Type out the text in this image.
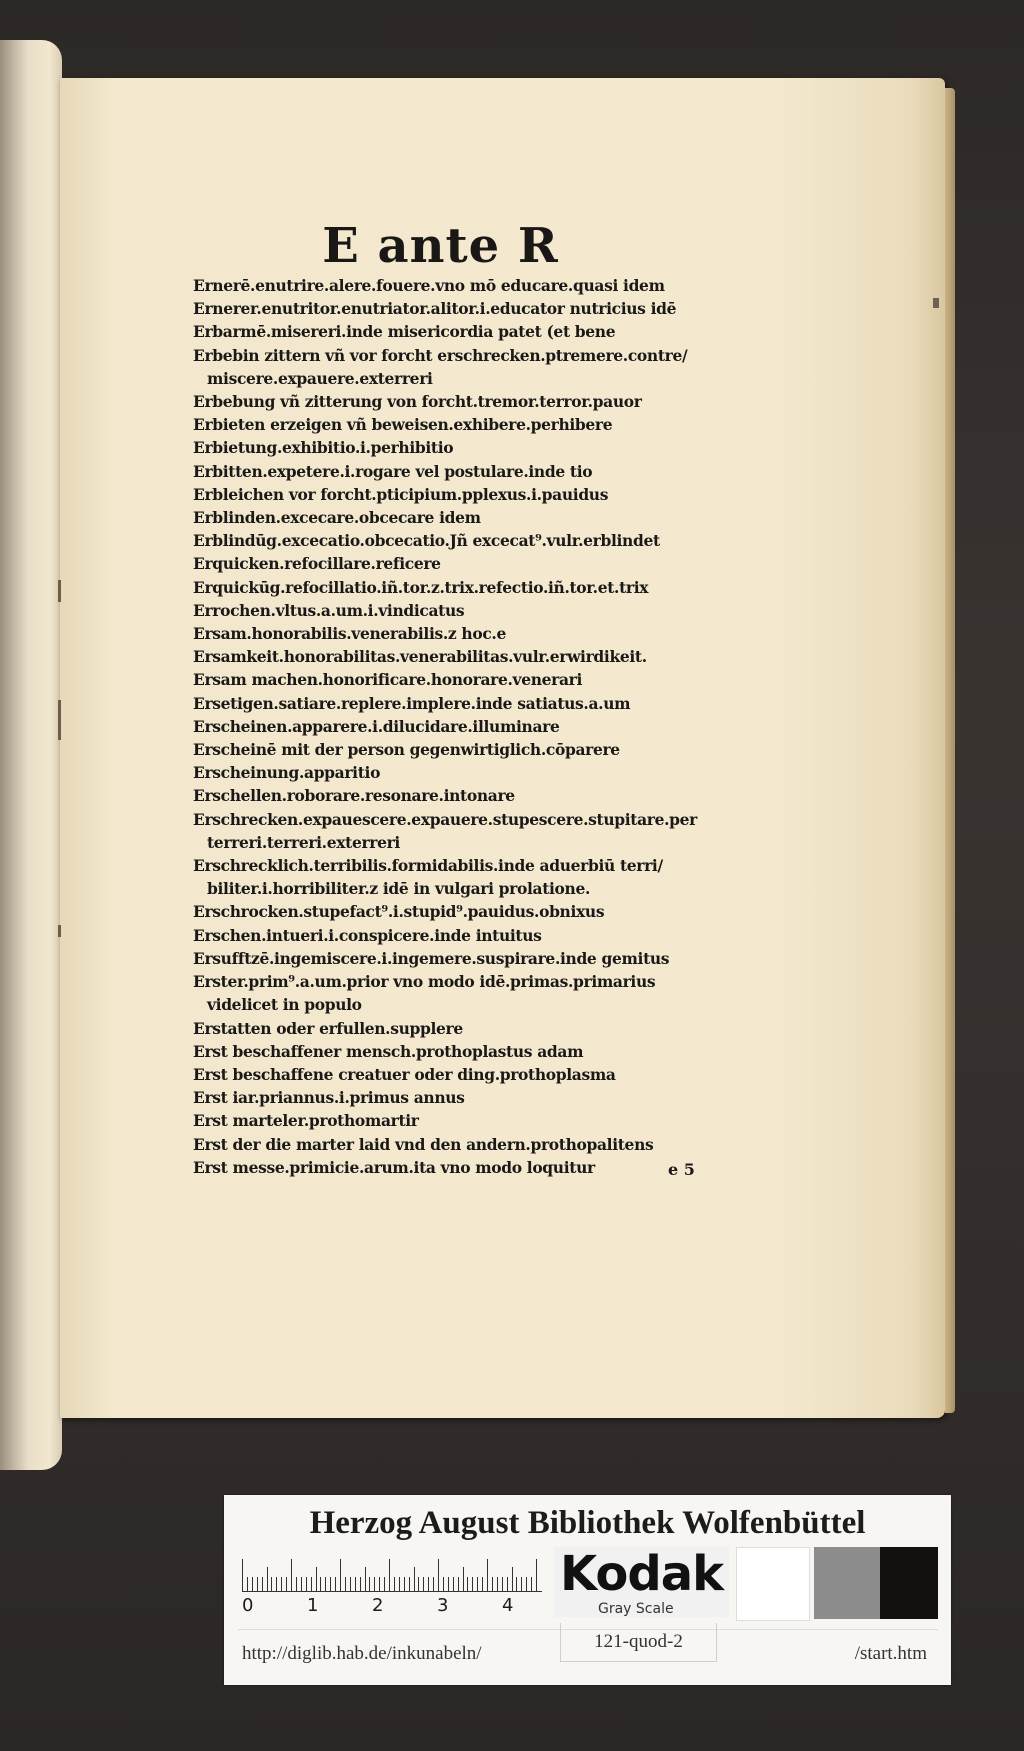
E ante R
Ernerē.enutrire.alere.fouere.vno mō educare.quasi idem
Ernerer.enutritor.enutriator.alitor.i.educator nutricius idē
Erbarmē.misereri.inde misericordia patet (et bene
Erbebin zittern vñ vor forcht erschrecken.ptremere.contre/
miscere.expauere.exterreri
Erbebung vñ zitterung von forcht.tremor.terror.pauor
Erbieten erzeigen vñ beweisen.exhibere.perhibere
Erbietung.exhibitio.i.perhibitio
Erbitten.expetere.i.rogare vel postulare.inde tio
Erbleichen vor forcht.pticipium.pplexus.i.pauidus
Erblinden.excecare.obcecare idem
Erblindūg.excecatio.obcecatio.Jñ excecat⁹.vulr.erblindet
Erquicken.refocillare.reficere
Erquickūg.refocillatio.iñ.tor.z.trix.refectio.iñ.tor.et.trix
Errochen.vltus.a.um.i.vindicatus
Ersam.honorabilis.venerabilis.z hoc.e
Ersamkeit.honorabilitas.venerabilitas.vulr.erwirdikeit.
Ersam machen.honorificare.honorare.venerari
Ersetigen.satiare.replere.implere.inde satiatus.a.um
Erscheinen.apparere.i.dilucidare.illuminare
Erscheinē mit der person gegenwirtiglich.cōparere
Erscheinung.apparitio
Erschellen.roborare.resonare.intonare
Erschrecken.expauescere.expauere.stupescere.stupitare.per
terreri.terreri.exterreri
Erschrecklich.terribilis.formidabilis.inde aduerbiū terri/
biliter.i.horribiliter.z idē in vulgari prolatione.
Erschrocken.stupefact⁹.i.stupid⁹.pauidus.obnixus
Erschen.intueri.i.conspicere.inde intuitus
Ersufftzē.ingemiscere.i.ingemere.suspirare.inde gemitus
Erster.prim⁹.a.um.prior vno modo idē.primas.primarius
videlicet in populo
Erstatten oder erfullen.supplere
Erst beschaffener mensch.prothoplastus adam
Erst beschaffene creatuer oder ding.prothoplasma
Erst iar.priannus.i.primus annus
Erst marteler.prothomartir
Erst der die marter laid vnd den andern.prothopalitens
Erst messe.primicie.arum.ita vno modo loquitur	e 5
Herzog August Bibliothek Wolfenbüttel
0	1	2	3	4
Kodak
Gray Scale
http://diglib.hab.de/inkunabeln/
121-quod-2
/start.htm
